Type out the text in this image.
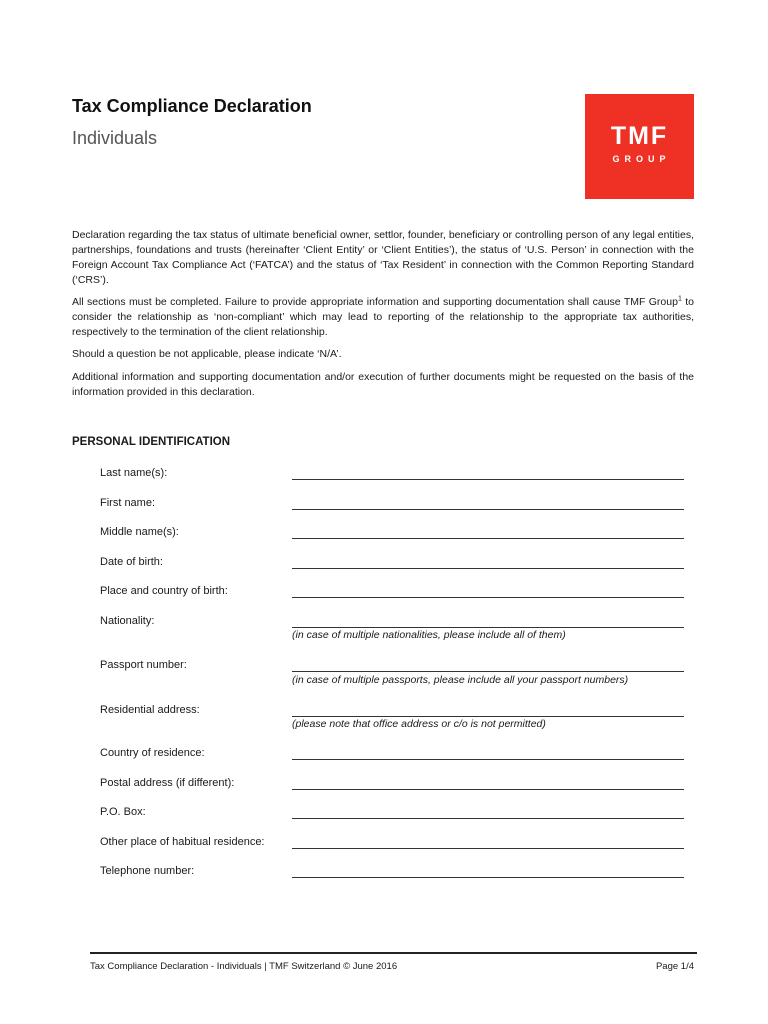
Tax Compliance Declaration
Individuals	TMF
GROUP

Declaration regarding the tax status of ultimate beneficial owner, settlor, founder, beneficiary or controlling person of any legal entities, partnerships, foundations and trusts (hereinafter ‘Client Entity’ or ‘Client Entities’), the status of ‘U.S. Person’ in connection with the Foreign Account Tax Compliance Act (‘FATCA’) and the status of ‘Tax Resident’ in connection with the Common Reporting Standard (‘CRS’).

All sections must be completed. Failure to provide appropriate information and supporting documentation shall cause TMF Group$^1$ to consider the relationship as ‘non-compliant’ which may lead to reporting of the relationship to the appropriate tax authorities, respectively to the termination of the client relationship.

Should a question be not applicable, please indicate ‘N/A’.

Additional information and supporting documentation and/or execution of further documents might be requested on the basis of the information provided in this declaration.

PERSONAL IDENTIFICATION
Last name(s):
First name:
Middle name(s):
Date of birth:
Place and country of birth:
Nationality:
(in case of multiple nationalities, please include all of them)
Passport number:
(in case of multiple passports, please include all your passport numbers)
Residential address:
(please note that office address or c/o is not permitted)
Country of residence:
Postal address (if different):
P.O. Box:
Other place of habitual residence:
Telephone number:
Tax Compliance Declaration - Individuals | TMF Switzerland © June 2016	Page 1/4
